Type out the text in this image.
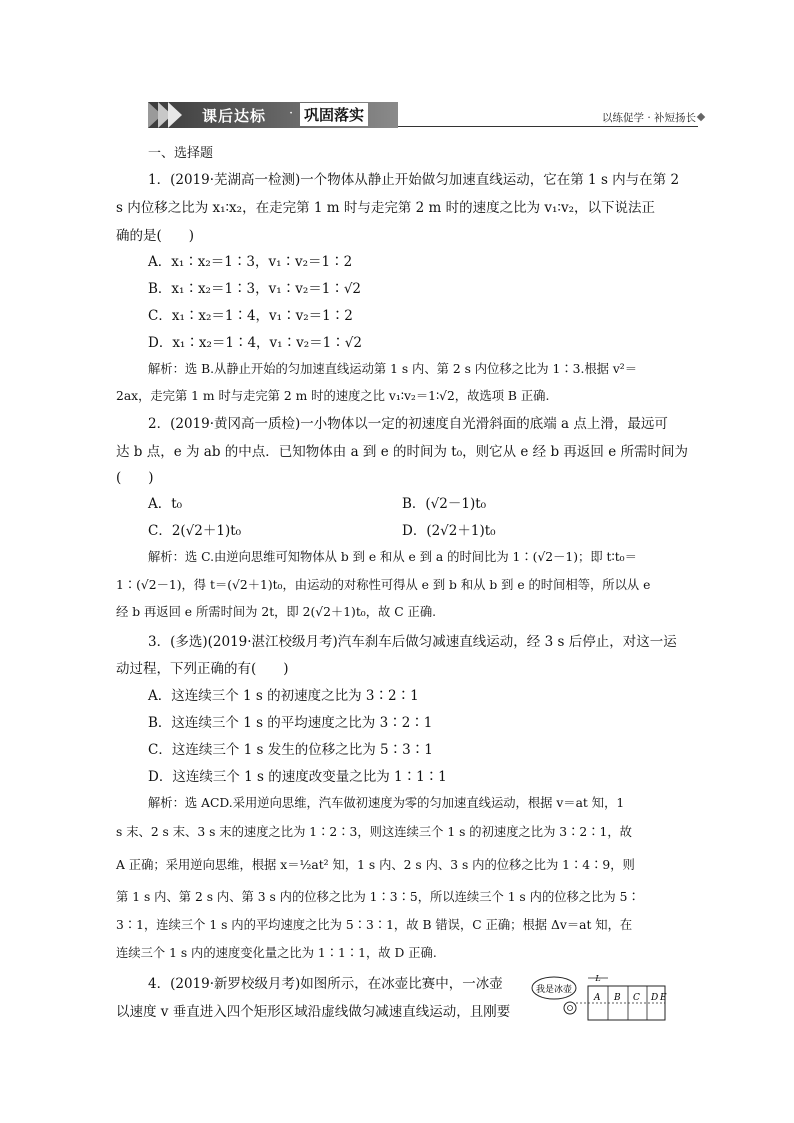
课后达标 · 巩固落实	以练促学 · 补短扬长
一、选择题
1．(2019·芜湖高一检测)一个物体从静止开始做匀加速直线运动，它在第 1 s 内与在第 2
s 内位移之比为 x₁∶x₂，在走完第 1 m 时与走完第 2 m 时的速度之比为 v₁∶v₂，以下说法正
确的是(　　)
A．x₁∶x₂＝1∶3，v₁∶v₂＝1∶2
B．x₁∶x₂＝1∶3，v₁∶v₂＝1∶√2
C．x₁∶x₂＝1∶4，v₁∶v₂＝1∶2
D．x₁∶x₂＝1∶4，v₁∶v₂＝1∶√2
解析：选 B.从静止开始的匀加速直线运动第 1 s 内、第 2 s 内位移之比为 1∶3.根据 v²＝
2ax，走完第 1 m 时与走完第 2 m 时的速度之比 v₁∶v₂＝1∶√2，故选项 B 正确.
2．(2019·黄冈高一质检)一小物体以一定的初速度自光滑斜面的底端 a 点上滑，最远可
达 b 点，e 为 ab 的中点．已知物体由 a 到 e 的时间为 t₀，则它从 e 经 b 再返回 e 所需时间为
(　　)
A．t₀	B．(√2－1)t₀
C．2(√2＋1)t₀	D．(2√2＋1)t₀
解析：选 C.由逆向思维可知物体从 b 到 e 和从 e 到 a 的时间比为 1∶(√2－1)；即 t∶t₀＝
1∶(√2－1)，得 t＝(√2＋1)t₀，由运动的对称性可得从 e 到 b 和从 b 到 e 的时间相等，所以从 e
经 b 再返回 e 所需时间为 2t，即 2(√2＋1)t₀，故 C 正确.
3．(多选)(2019·湛江校级月考)汽车刹车后做匀减速直线运动，经 3 s 后停止，对这一运
动过程，下列正确的有(　　)
A．这连续三个 1 s 的初速度之比为 3∶2∶1
B．这连续三个 1 s 的平均速度之比为 3∶2∶1
C．这连续三个 1 s 发生的位移之比为 5∶3∶1
D．这连续三个 1 s 的速度改变量之比为 1∶1∶1
解析：选 ACD.采用逆向思维，汽车做初速度为零的匀加速直线运动，根据 v＝at 知，1
s 末、2 s 末、3 s 末的速度之比为 1∶2∶3，则这连续三个 1 s 的初速度之比为 3∶2∶1，故
A 正确；采用逆向思维，根据 x＝½at² 知，1 s 内、2 s 内、3 s 内的位移之比为 1∶4∶9，则
第 1 s 内、第 2 s 内、第 3 s 内的位移之比为 1∶3∶5，所以连续三个 1 s 内的位移之比为 5∶
3∶1，连续三个 1 s 内的平均速度之比为 5∶3∶1，故 B 错误，C 正确；根据 Δv＝at 知，在
连续三个 1 s 内的速度变化量之比为 1∶1∶1，故 D 正确.
4．(2019·新罗校级月考)如图所示，在冰壶比赛中，一冰壶
以速度 v 垂直进入四个矩形区域沿虚线做匀减速直线运动，且刚要
我是冰壶
L
A B C D E
